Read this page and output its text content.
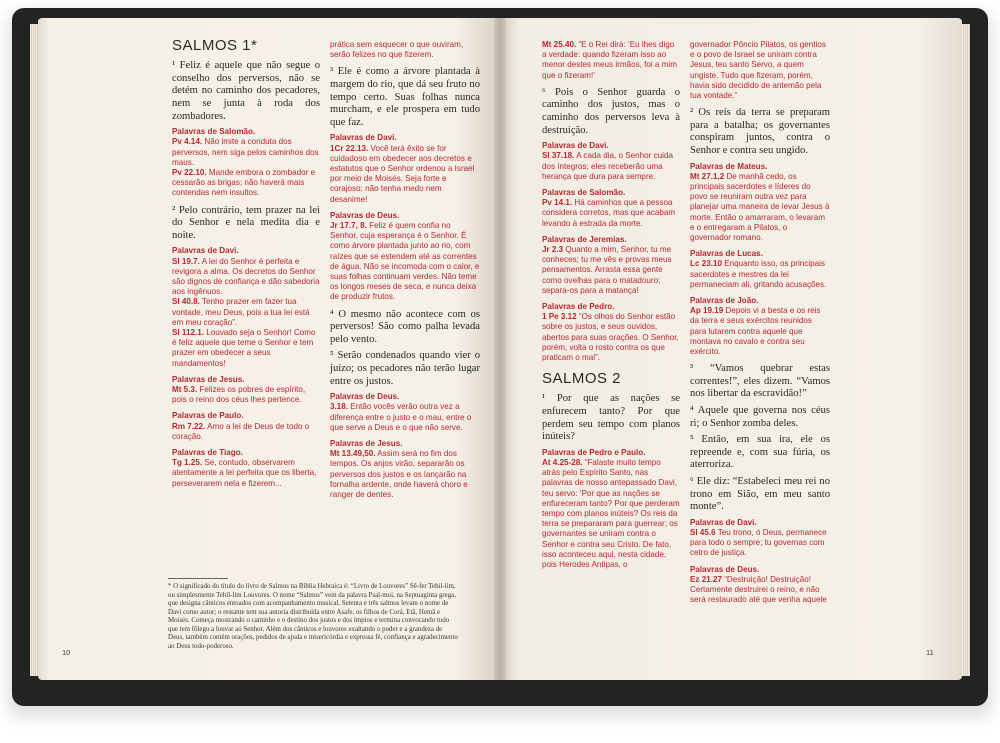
SALMOS 1*
¹ Feliz é aquele que não segue o conselho dos perversos, não se detém no caminho dos pecadores, nem se junta à roda dos zombadores.
Palavras de Salomão.
Pv 4.14. Não imite a conduta dos perversos, nem siga pelos caminhos dos maus.
Pv 22.10. Mande embora o zombador e cessarão as brigas; não haverá mais contendas nem insultos.
² Pelo contrário, tem prazer na lei do Senhor e nela medita dia e noite.
Palavras de Davi.
Sl 19.7. A lei do Senhor é perfeita e revigora a alma. Os decretos do Senhor são dignos de confiança e dão sabedoria aos ingênuos.
Sl 40.8. Tenho prazer em fazer tua vontade, meu Deus, pois a tua lei está em meu coração”.
Sl 112.1. Louvado seja o Senhor! Como é feliz aquele que teme o Senhor e tem prazer em obedecer a seus mandamentos!
Palavras de Jesus.
Mt 5.3. Felizes os pobres de espírito, pois o reino dos céus lhes pertence.
Palavras de Paulo.
Rm 7.22. Amo a lei de Deus de todo o coração.
Palavras de Tiago.
Tg 1.25. Se, contudo, observarem atentamente a lei perfeita que os liberta, perseverarem nela e fizerem...
prática sem esquecer o que ouviram, serão felizes no que fizerem.
³ Ele é como a árvore plantada à margem do rio, que dá seu fruto no tempo certo. Suas folhas nunca murcham, e ele prospera em tudo que faz.
Palavras de Davi.
1Cr 22.13. Você terá êxito se for cuidadoso em obedecer aos decretos e estatutos que o Senhor ordenou a Israel por meio de Moisés. Seja forte e corajoso; não tenha medo nem desanime!
Palavras de Deus.
Jr 17.7, 8. Feliz é quem confia no Senhor, cuja esperança é o Senhor. É como árvore plantada junto ao rio, com raízes que se estendem até as correntes de água. Não se incomoda com o calor, e suas folhas continuam verdes. Não teme os longos meses de seca, e nunca deixa de produzir frutos.
⁴ O mesmo não acontece com os perversos! São como palha levada pelo vento.
⁵ Serão condenados quando vier o juízo; os pecadores não terão lugar entre os justos.
Palavras de Deus.
3.18. Então vocês verão outra vez a diferença entre o justo e o mau, entre o que serve a Deus e o que não serve.
Palavras de Jesus.
Mt 13.49,50. Assim será no fim dos tempos. Os anjos virão, separarão os perversos dos justos e os lançarão na fornalha ardente, onde haverá choro e ranger de dentes.
* O significado do título do livro de Salmos na Bíblia Hebraica é: “Livro de Louvores” Sê-fer Tehil-lim, ou simplesmente Tehil-lim Louvores. O nome “Salmos” vem da palavra Psal-moi, na Septuaginta grega, que designa cânticos entoados com acompanhamento musical. Setenta e três salmos levam o nome de Davi como autor; o restante tem sua autoria distribuída entre Asafe, os filhos de Corá, Etã, Hemã e Moisés. Começa mostrando o caminho e o destino dos justos e dos ímpios e termina convocando tudo que tem fôlego a louvar ao Senhor. Além dos cânticos e louvores exaltando o poder e a grandeza de Deus, também contém orações, pedidos de ajuda e misericórdia e expressa fé, confiança e agradecimento ao Deus todo-poderoso.
Mt 25.40. “E o Rei dirá: ‘Eu lhes digo a verdade: quando fizeram isso ao menor destes meus irmãos, foi a mim que o fizeram!’
⁶ Pois o Senhor guarda o caminho dos justos, mas o caminho dos perversos leva à destruição.
Palavras de Davi.
Sl 37.18. A cada dia, o Senhor cuida dos íntegros; eles receberão uma herança que dura para sempre.
Palavras de Salomão.
Pv 14.1. Há caminhos que a pessoa considera corretos, mas que acabam levando à estrada da morte.
Palavras de Jeremias.
Jr 2.3 Quanto a mim, Senhor, tu me conheces; tu me vês e provas meus pensamentos. Arrasta essa gente como ovelhas para o matadouro; separa-os para a matança!
Palavras de Pedro.
1 Pe 3.12 “Os olhos do Senhor estão sobre os justos, e seus ouvidos, abertos para suas orações. O Senhor, porém, volta o rosto contra os que praticam o mal”.
SALMOS 2
¹ Por que as nações se enfurecem tanto? Por que perdem seu tempo com planos inúteis?
Palavras de Pedro e Paulo.
At 4.25-28. “Falaste muito tempo atrás pelo Espírito Santo, nas palavras de nosso antepassado Davi, teu servo: ‘Por que as nações se enfureceram tanto? Por que perderam tempo com planos inúteis? Os reis da terra se prepararam para guerrear; os governantes se uniram contra o Senhor e contra seu Cristo. De fato, isso aconteceu aqui, nesta cidade, pois Herodes Antipas, o
governador Pôncio Pilatos, os gentios e o povo de Israel se uniram contra Jesus, teu santo Servo, a quem ungiste. Tudo que fizeram, porém, havia sido decidido de antemão pela tua vontade.”
² Os reis da terra se preparam para a batalha; os governantes conspiram juntos, contra o Senhor e contra seu ungido.
Palavras de Mateus.
Mt 27.1,2 De manhã cedo, os principais sacerdotes e líderes do povo se reuniram outra vez para planejar uma maneira de levar Jesus à morte. Então o amarraram, o levaram e o entregaram a Pilatos, o governador romano.
Palavras de Lucas.
Lc 23.10 Enquanto isso, os principais sacerdotes e mestres da lei permaneciam ali, gritando acusações.
Palavras de João.
Ap 19.19 Depois vi a besta e os reis da terra e seus exércitos reunidos para lutarem contra aquele que montava no cavalo e contra seu exército.
³ “Vamos quebrar estas correntes!”, eles dizem. “Vamos nos libertar da escravidão!”
⁴ Aquele que governa nos céus ri; o Senhor zomba deles.
⁵ Então, em sua ira, ele os repreende e, com sua fúria, os aterroriza.
⁶ Ele diz: “Estabeleci meu rei no trono em Sião, em meu santo monte”.
Palavras de Davi.
Sl 45.6 Teu trono, ó Deus, permanece para todo o sempre; tu governas com cetro de justiça.
Palavras de Deus.
Ez 21.27 “Destruição! Destruição! Certamente destruirei o reino, e não será restaurado até que venha aquele
10	11
